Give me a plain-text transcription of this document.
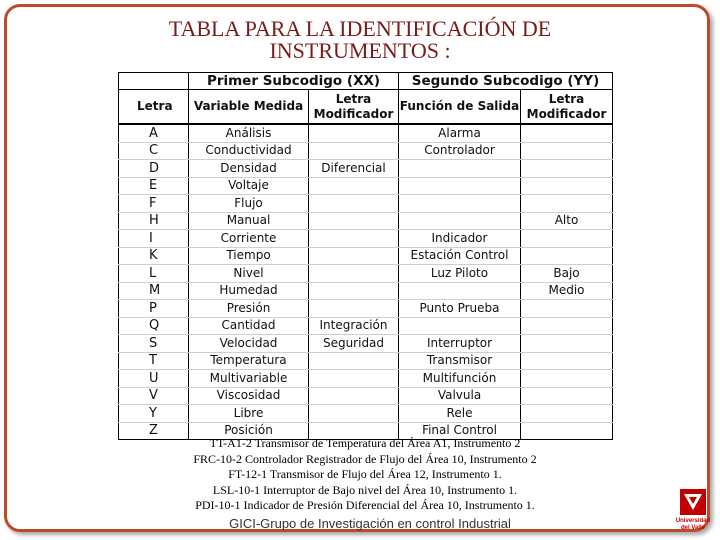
TABLA PARA LA IDENTIFICACIÓN DE
INSTRUMENTOS :
	Primer Subcodigo (XX)		Segundo Subcodigo (YY)	
Letra	Variable Medida	Letra Modificador	Función de Salida	Letra Modificador
A	Análisis		Alarma	
C	Conductividad		Controlador	
D	Densidad	Diferencial		
E	Voltaje			
F	Flujo			
H	Manual			Alto
I	Corriente		Indicador	
K	Tiempo		Estación Control	
L	Nivel		Luz Piloto	Bajo
M	Humedad			Medio
P	Presión		Punto Prueba	
Q	Cantidad	Integración		
S	Velocidad	Seguridad	Interruptor	
T	Temperatura		Transmisor	
U	Multivariable		Multifunción	
V	Viscosidad		Valvula	
Y	Libre		Rele	
Z	Posición		Final Control	
TT-A1-2 Transmisor de Temperatura del Área A1, Instrumento 2
FRC-10-2 Controlador Registrador de Flujo del Área 10, Instrumento 2
FT-12-1 Transmisor de Flujo del Área 12, Instrumento 1.
LSL-10-1 Interruptor de Bajo nivel del Área 10, Instrumento 1.
PDI-10-1 Indicador de Presión Diferencial del Área 10, Instrumento 1.
GICI-Grupo de Investigación en control Industrial	Universidad
del Valle
